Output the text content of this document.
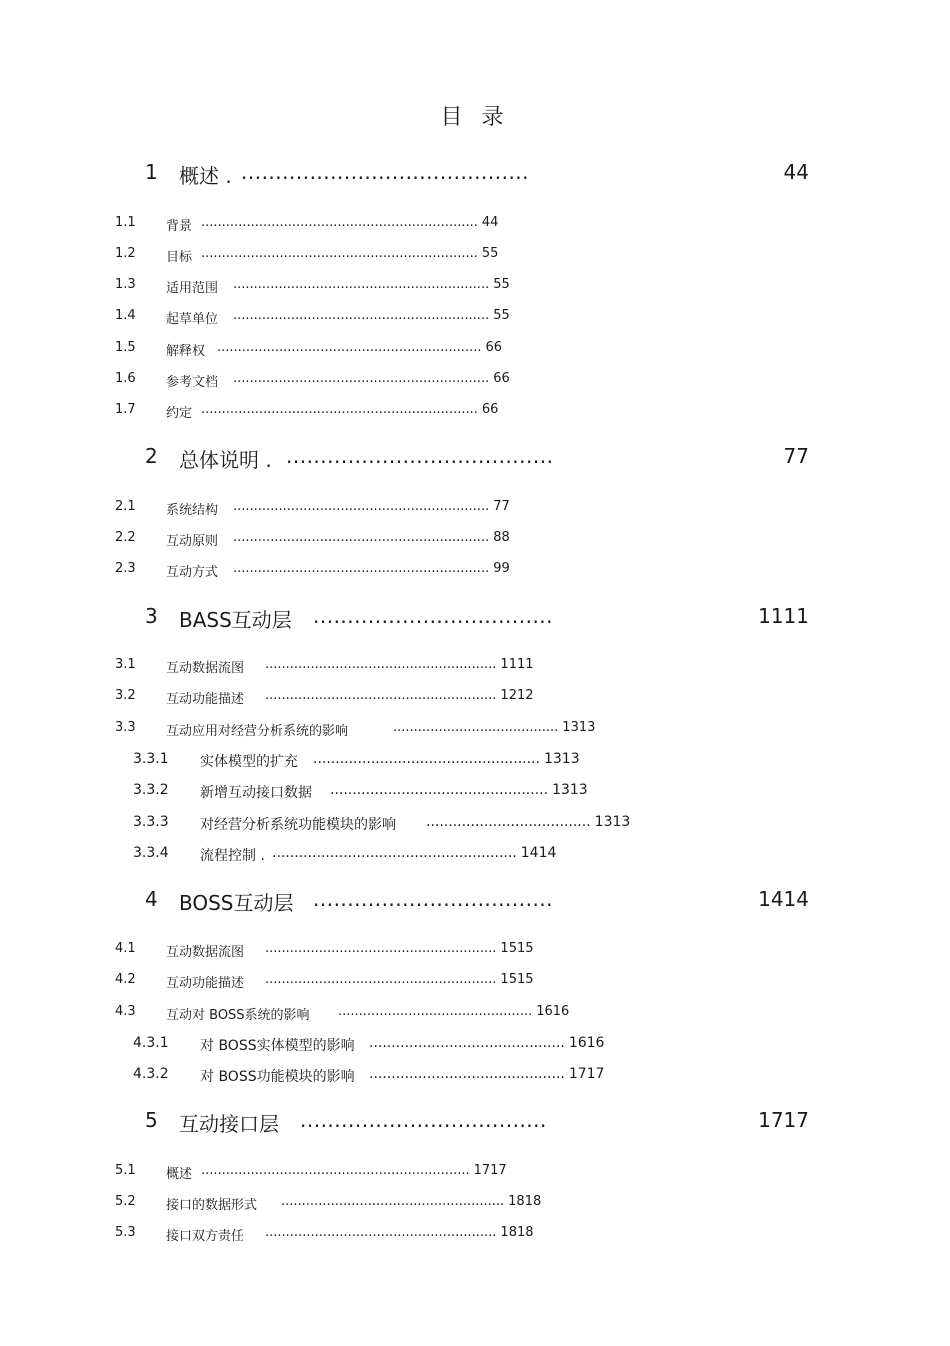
目 录
1 概述 . ..........................................	44
1.1 背景 ................................................................... 44
1.2 目标 ................................................................... 55
1.3 适用范围 .............................................................. 55
1.4 起草单位 .............................................................. 55
1.5 解释权 ................................................................ 66
1.6 参考文档 .............................................................. 66
1.7 约定 ................................................................... 66
2 总体说明 . .......................................	77
2.1 系统结构 .............................................................. 77
2.2 互动原则 .............................................................. 88
2.3 互动方式 .............................................................. 99
3 BASS互动层 ...................................	1111
3.1 互动数据流图 ........................................................ 1111
3.2 互动功能描述 ........................................................ 1212
3.3 互动应用对经营分析系统的影响	........................................ 1313
3.3.1 实体模型的扩充 ................................................... 1313
3.3.2 新增互动接口数据 ................................................. 1313
3.3.3 对经营分析系统功能模块的影响 ..................................... 1313
3.3.4 流程控制 . ....................................................... 1414
4 BOSS互动层 ...................................	1414
4.1 互动数据流图 ........................................................ 1515
4.2 互动功能描述 ........................................................ 1515
4.3 互动对 BOSS系统的影响 ............................................... 1616
4.3.1 对 BOSS实体模型的影响 ............................................ 1616
4.3.2 对 BOSS功能模块的影响 ............................................ 1717
5 互动接口层 ....................................	1717
5.1 概述 ................................................................. 1717
5.2 接口的数据形式 ...................................................... 1818
5.3 接口双方责任 ........................................................ 1818
